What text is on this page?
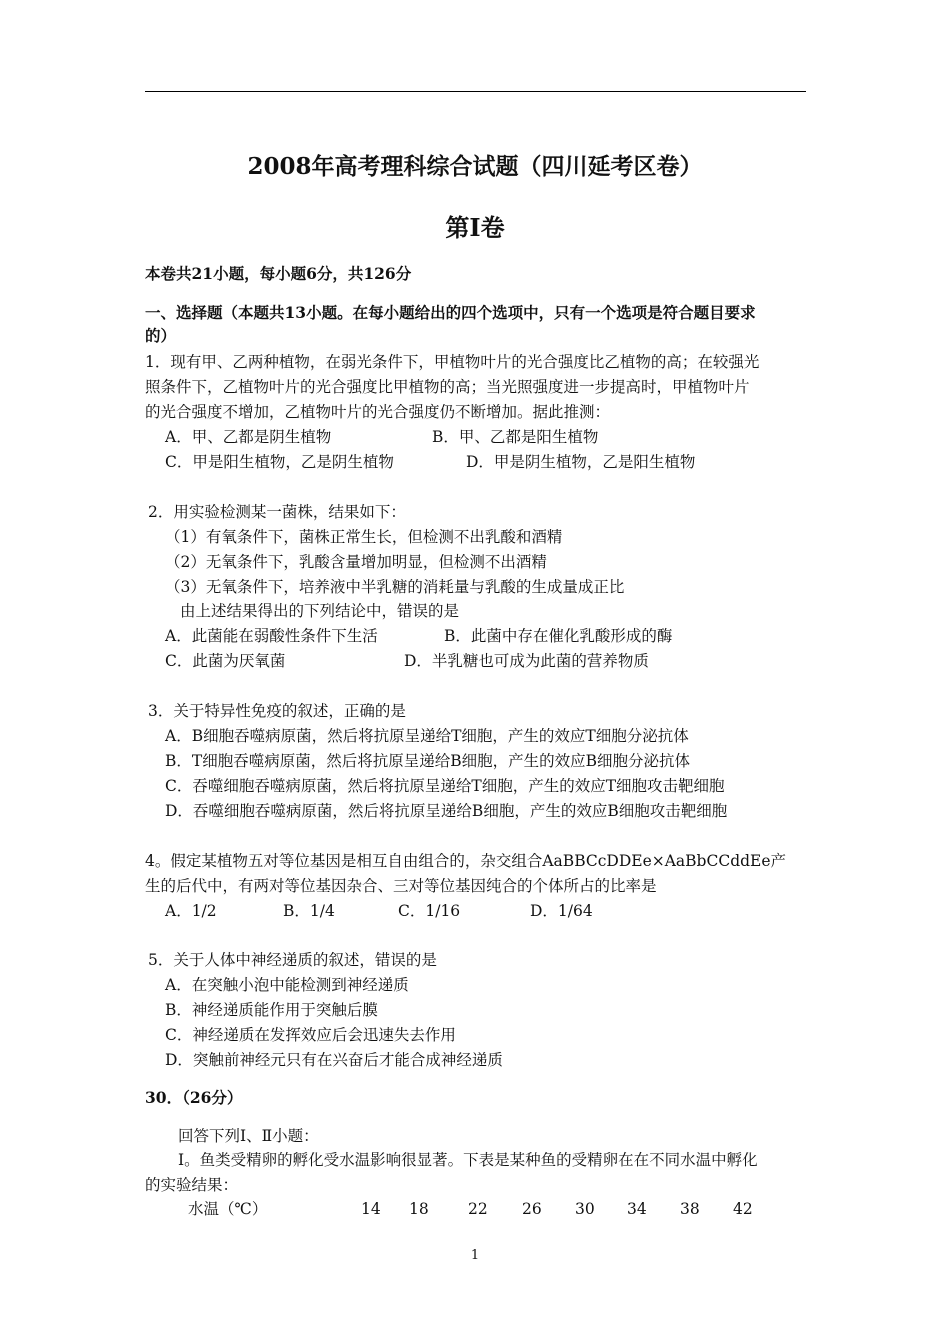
2008年高考理科综合试题（四川延考区卷）
第Ⅰ卷
本卷共21小题，每小题6分，共126分
一、选择题（本题共13小题。在每小题给出的四个选项中，只有一个选项是符合题目要求
的）
1．现有甲、乙两种植物，在弱光条件下，甲植物叶片的光合强度比乙植物的高；在较强光
照条件下，乙植物叶片的光合强度比甲植物的高；当光照强度进一步提高时，甲植物叶片
的光合强度不增加，乙植物叶片的光合强度仍不断增加。据此推测：
A．甲、乙都是阴生植物	B．甲、乙都是阳生植物
C．甲是阳生植物，乙是阴生植物	D．甲是阴生植物，乙是阳生植物
2．用实验检测某一菌株，结果如下：
（1）有氧条件下，菌株正常生长，但检测不出乳酸和酒精
（2）无氧条件下，乳酸含量增加明显，但检测不出酒精
（3）无氧条件下，培养液中半乳糖的消耗量与乳酸的生成量成正比
由上述结果得出的下列结论中，错误的是
A．此菌能在弱酸性条件下生活	B．此菌中存在催化乳酸形成的酶
C．此菌为厌氧菌	D．半乳糖也可成为此菌的营养物质
3．关于特异性免疫的叙述，正确的是
A．B细胞吞噬病原菌，然后将抗原呈递给T细胞，产生的效应T细胞分泌抗体
B．T细胞吞噬病原菌，然后将抗原呈递给B细胞，产生的效应B细胞分泌抗体
C．吞噬细胞吞噬病原菌，然后将抗原呈递给T细胞，产生的效应T细胞攻击靶细胞
D．吞噬细胞吞噬病原菌，然后将抗原呈递给B细胞，产生的效应B细胞攻击靶细胞
4。假定某植物五对等位基因是相互自由组合的，杂交组合AaBBCcDDEe×AaBbCCddEe产
生的后代中，有两对等位基因杂合、三对等位基因纯合的个体所占的比率是
A．1/2	B．1/4	C．1/16	D．1/64
5．关于人体中神经递质的叙述，错误的是
A．在突触小泡中能检测到神经递质
B．神经递质能作用于突触后膜
C．神经递质在发挥效应后会迅速失去作用
D．突触前神经元只有在兴奋后才能合成神经递质
30．（26分）
回答下列Ⅰ、Ⅱ小题：
Ⅰ。鱼类受精卵的孵化受水温影响很显著。下表是某种鱼的受精卵在在不同水温中孵化
的实验结果：
水温（℃）	14 18	22 26 30 34 38 42
1
